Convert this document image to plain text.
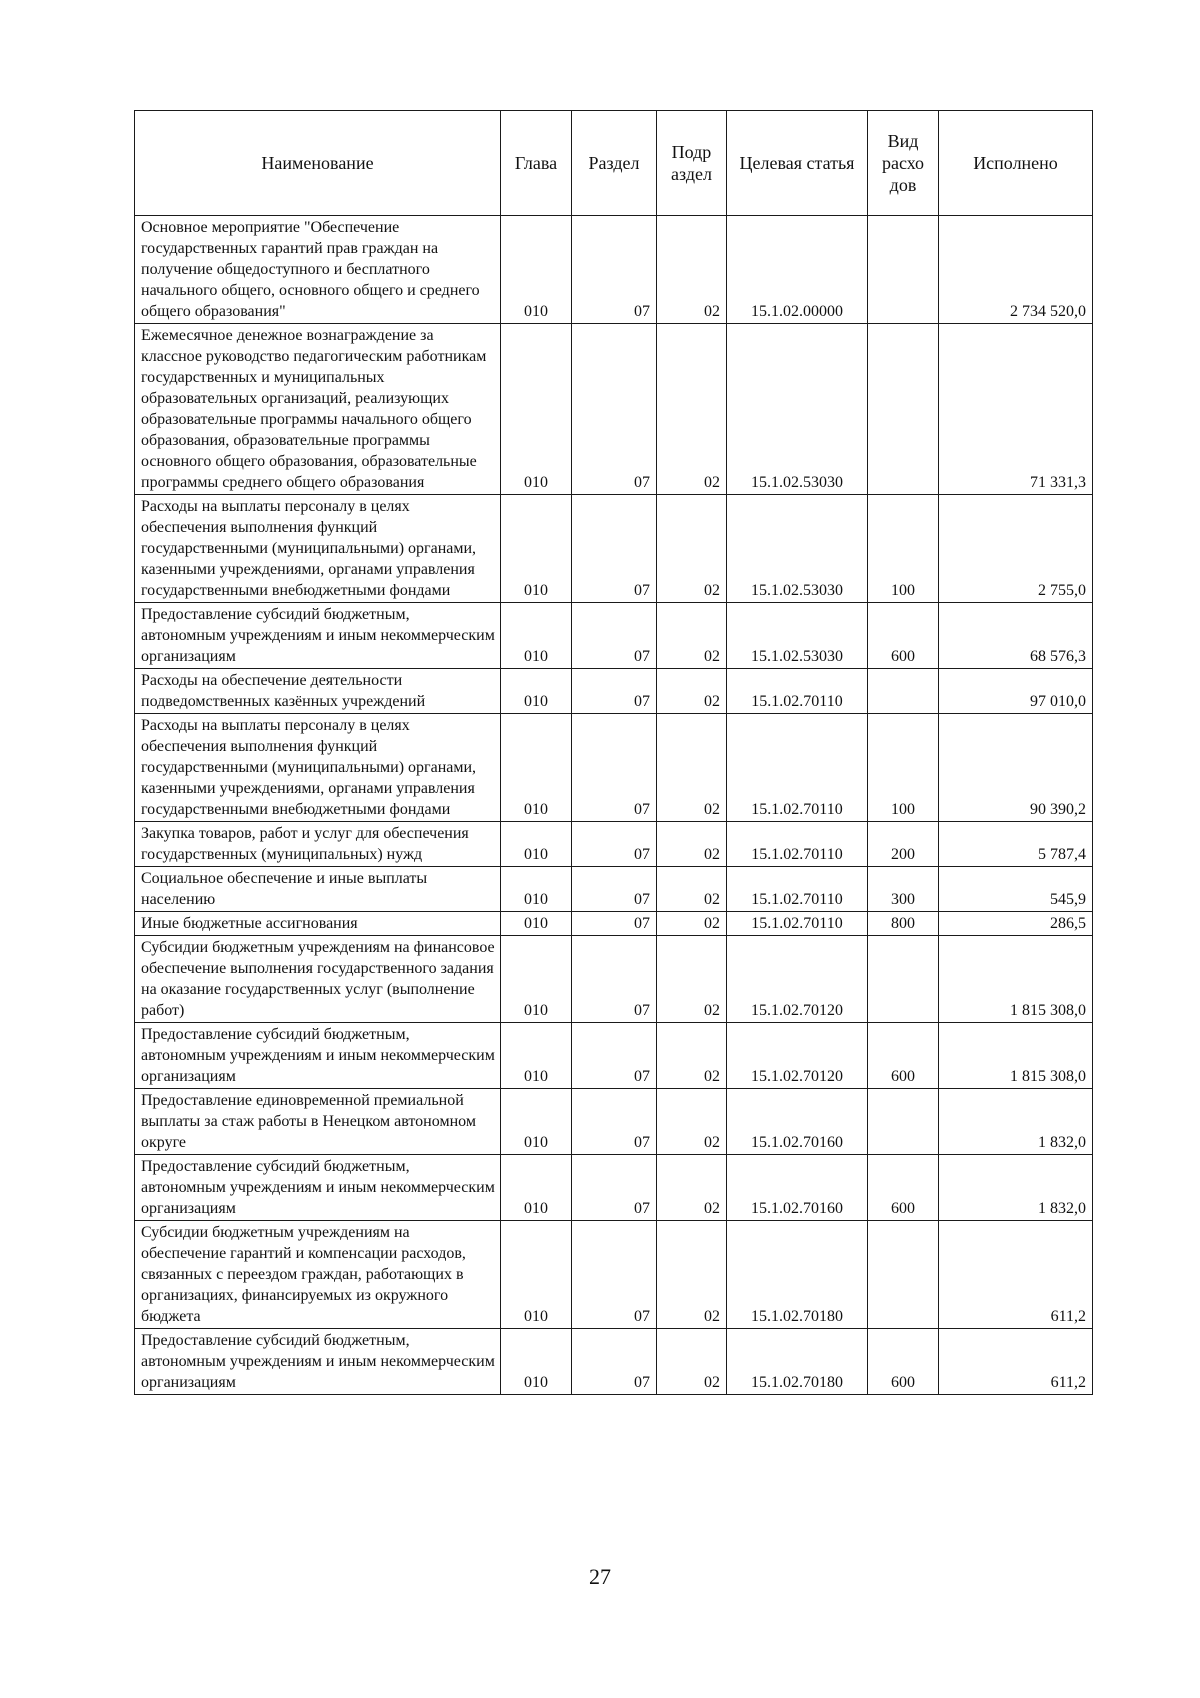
Наименование	Глава	Раздел	Подр аздел	Целевая статья	Вид расхо дов	Исполнено
Основное мероприятие "Обеспечение государственных гарантий прав граждан на получение общедоступного и бесплатного начального общего, основного общего и среднего общего образования"	010	07	02	15.1.02.00000		2 734 520,0
Ежемесячное денежное вознаграждение за классное руководство педагогическим работникам государственных и муниципальных образовательных организаций, реализующих образовательные программы начального общего образования, образовательные программы основного общего образования, образовательные программы среднего общего образования	010	07	02	15.1.02.53030		71 331,3
Расходы на выплаты персоналу в целях обеспечения выполнения функций государственными (муниципальными) органами, казенными учреждениями, органами управления государственными внебюджетными фондами	010	07	02	15.1.02.53030	100	2 755,0
Предоставление субсидий бюджетным, автономным учреждениям и иным некоммерческим организациям	010	07	02	15.1.02.53030	600	68 576,3
Расходы на обеспечение деятельности подведомственных казённых учреждений	010	07	02	15.1.02.70110		97 010,0
Расходы на выплаты персоналу в целях обеспечения выполнения функций государственными (муниципальными) органами, казенными учреждениями, органами управления государственными внебюджетными фондами	010	07	02	15.1.02.70110	100	90 390,2
Закупка товаров, работ и услуг для обеспечения государственных (муниципальных) нужд	010	07	02	15.1.02.70110	200	5 787,4
Социальное обеспечение и иные выплаты населению	010	07	02	15.1.02.70110	300	545,9
Иные бюджетные ассигнования	010	07	02	15.1.02.70110	800	286,5
Субсидии бюджетным учреждениям на финансовое обеспечение выполнения государственного задания на оказание государственных услуг (выполнение работ)	010	07	02	15.1.02.70120		1 815 308,0
Предоставление субсидий бюджетным, автономным учреждениям и иным некоммерческим организациям	010	07	02	15.1.02.70120	600	1 815 308,0
Предоставление единовременной премиальной выплаты за стаж работы в Ненецком автономном округе	010	07	02	15.1.02.70160		1 832,0
Предоставление субсидий бюджетным, автономным учреждениям и иным некоммерческим организациям	010	07	02	15.1.02.70160	600	1 832,0
Субсидии бюджетным учреждениям на обеспечение гарантий и компенсации расходов, связанных с переездом граждан, работающих в организациях, финансируемых из окружного бюджета	010	07	02	15.1.02.70180		611,2
Предоставление субсидий бюджетным, автономным учреждениям и иным некоммерческим организациям	010	07	02	15.1.02.70180	600	611,2
27
